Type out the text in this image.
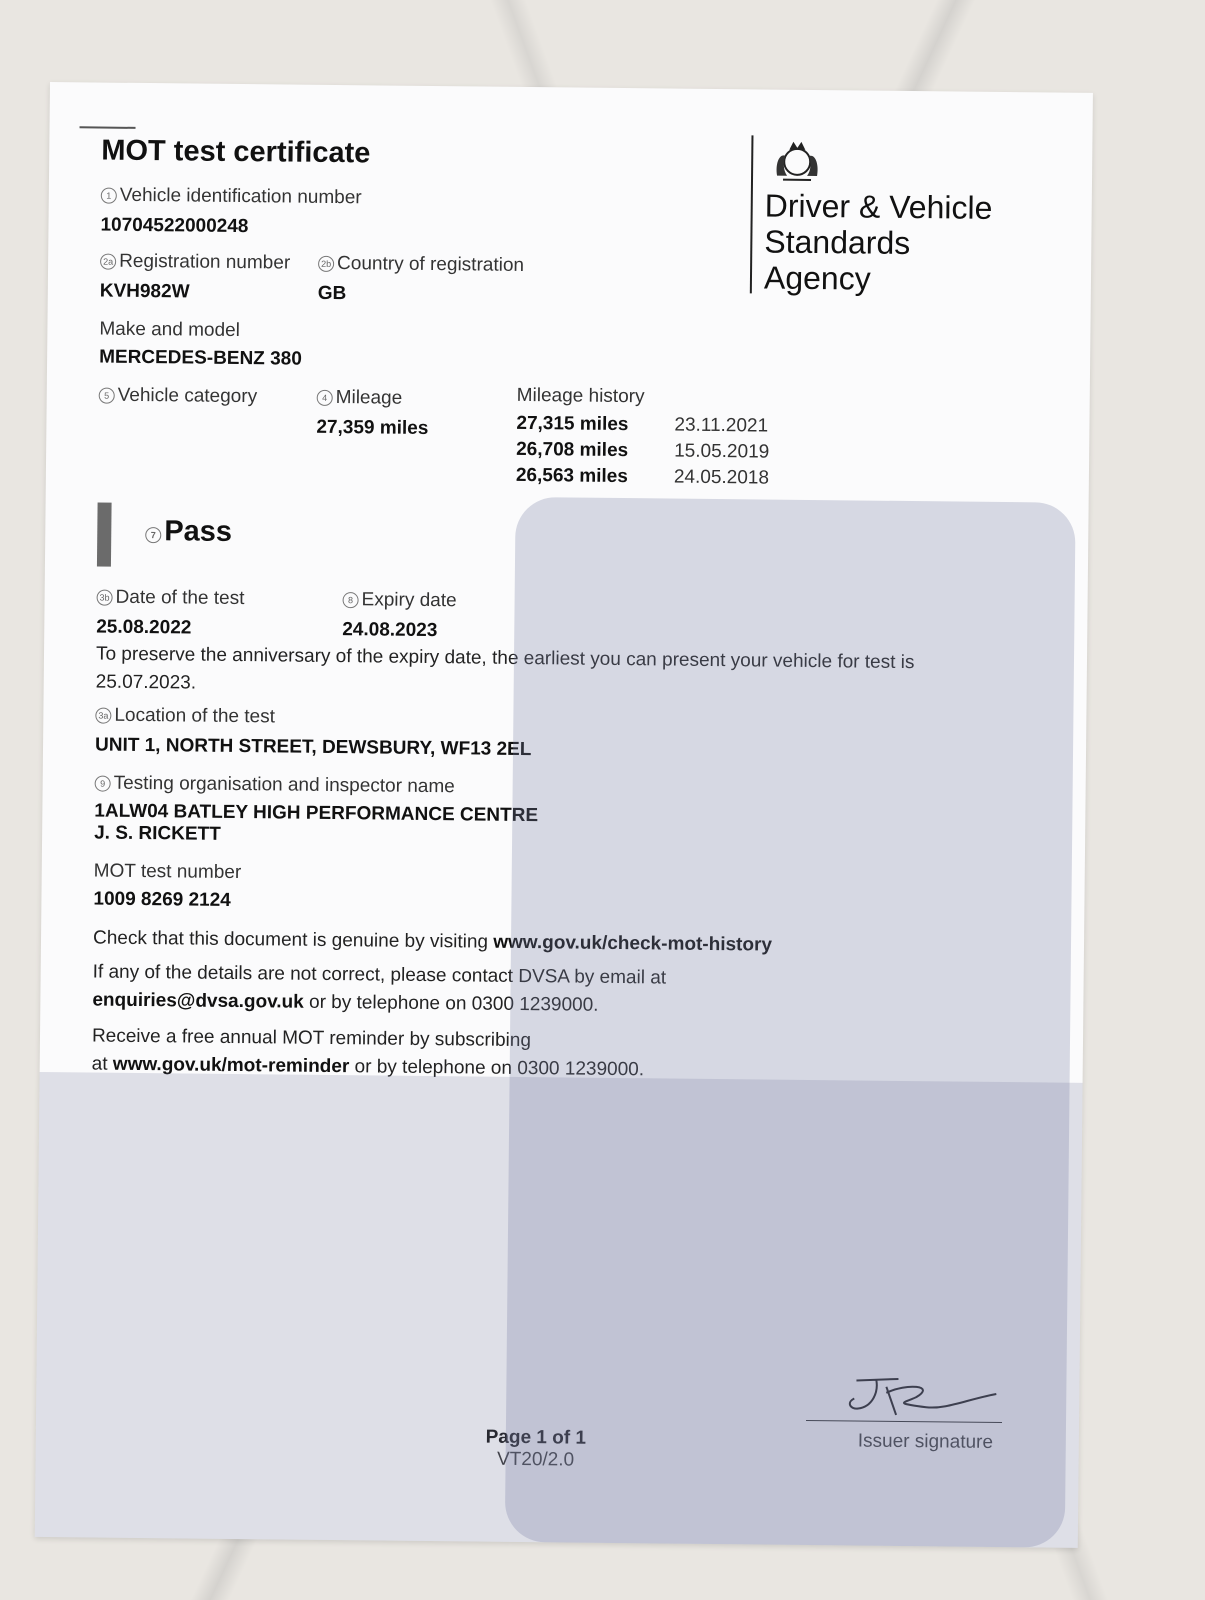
MOT test certificate
Driver & Vehicle
Standards
Agency
1 Vehicle identification number
10704522000248
2a Registration number
KVH982W
2b Country of registration
GB
Make and model
MERCEDES-BENZ 380
5 Vehicle category	4 Mileage
27,359 miles
Mileage history
27,315 miles	23.11.2021
26,708 miles	15.05.2019
26,563 miles	24.05.2018
7 Pass
3b Date of the test
25.08.2022
8 Expiry date
24.08.2023
To preserve the anniversary of the expiry date, the earliest you can present your vehicle for test is 25.07.2023.
3a Location of the test
UNIT 1, NORTH STREET, DEWSBURY, WF13 2EL
9 Testing organisation and inspector name
1ALW04 BATLEY HIGH PERFORMANCE CENTRE
J. S. RICKETT
MOT test number
1009 8269 2124
Check that this document is genuine by visiting www.gov.uk/check-mot-history
If any of the details are not correct, please contact DVSA by email at
enquiries@dvsa.gov.uk or by telephone on 0300 1239000.
Receive a free annual MOT reminder by subscribing
at www.gov.uk/mot-reminder or by telephone on 0300 1239000.
Page 1 of 1
VT20/2.0
Issuer signature
